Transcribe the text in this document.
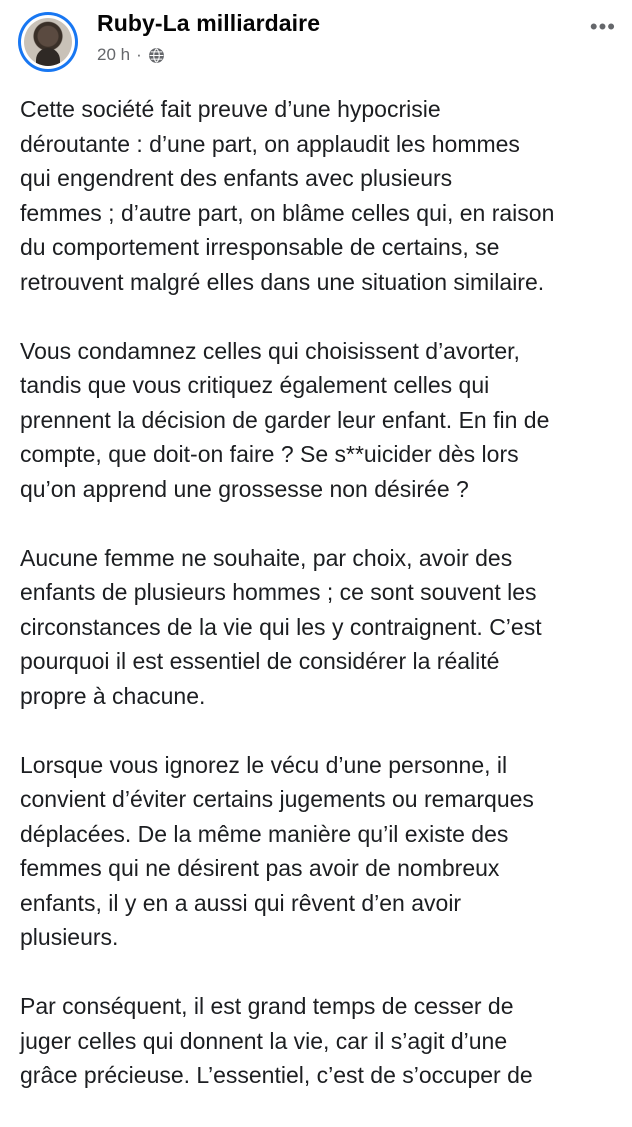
Ruby-La milliardaire
20 h ·
•••

Cette société fait preuve d’une hypocrisie
déroutante : d’une part, on applaudit les hommes
qui engendrent des enfants avec plusieurs
femmes ; d’autre part, on blâme celles qui, en raison
du comportement irresponsable de certains, se
retrouvent malgré elles dans une situation similaire.

Vous condamnez celles qui choisissent d’avorter,
tandis que vous critiquez également celles qui
prennent la décision de garder leur enfant. En fin de
compte, que doit-on faire ? Se s**uicider dès lors
qu’on apprend une grossesse non désirée ?

Aucune femme ne souhaite, par choix, avoir des
enfants de plusieurs hommes ; ce sont souvent les
circonstances de la vie qui les y contraignent. C’est
pourquoi il est essentiel de considérer la réalité
propre à chacune.

Lorsque vous ignorez le vécu d’une personne, il
convient d’éviter certains jugements ou remarques
déplacées. De la même manière qu’il existe des
femmes qui ne désirent pas avoir de nombreux
enfants, il y en a aussi qui rêvent d’en avoir
plusieurs.

Par conséquent, il est grand temps de cesser de
juger celles qui donnent la vie, car il s’agit d’une
grâce précieuse. L’essentiel, c’est de s’occuper de
